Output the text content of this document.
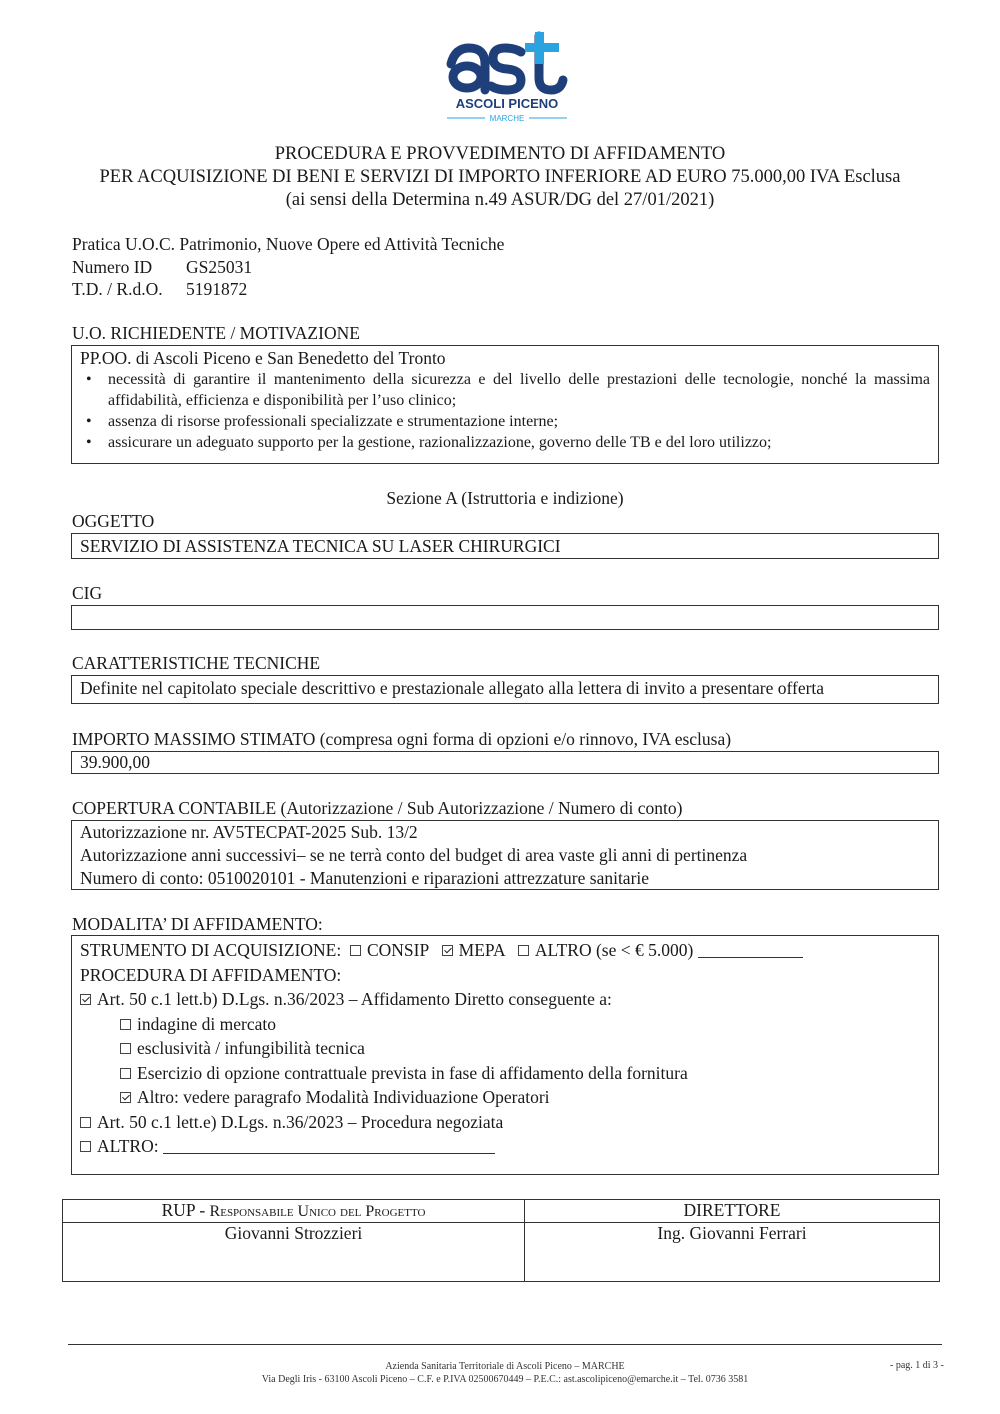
ASCOLI PICENO
MARCHE
PROCEDURA E PROVVEDIMENTO DI AFFIDAMENTO
PER ACQUISIZIONE DI BENI E SERVIZI DI IMPORTO INFERIORE AD EURO 75.000,00 IVA Esclusa
(ai sensi della Determina n.49 ASUR/DG del 27/01/2021)
Pratica U.O.C. Patrimonio, Nuove Opere ed Attività Tecniche
Numero ID	GS25031
T.D. / R.d.O.	5191872
U.O. RICHIEDENTE / MOTIVAZIONE
PP.OO. di Ascoli Piceno e San Benedetto del Tronto
• necessità di garantire il mantenimento della sicurezza e del livello delle prestazioni delle tecnologie, nonché la massima affidabilità, efficienza e disponibilità per l’uso clinico;
• assenza di risorse professionali specializzate e strumentazione interne;
• assicurare un adeguato supporto per la gestione, razionalizzazione, governo delle TB e del loro utilizzo;
Sezione A (Istruttoria e indizione)
OGGETTO
SERVIZIO DI ASSISTENZA TECNICA SU LASER CHIRURGICI
CIG
CARATTERISTICHE TECNICHE
Definite nel capitolato speciale descrittivo e prestazionale allegato alla lettera di invito a presentare offerta
IMPORTO MASSIMO STIMATO (compresa ogni forma di opzioni e/o rinnovo, IVA esclusa)
39.900,00
COPERTURA CONTABILE (Autorizzazione / Sub Autorizzazione / Numero di conto)
Autorizzazione nr. AV5TECPAT-2025 Sub. 13/2
Autorizzazione anni successivi– se ne terrà conto del budget di area vaste gli anni di pertinenza
Numero di conto: 0510020101 - Manutenzioni e riparazioni attrezzature sanitarie
MODALITA’ DI AFFIDAMENTO:
STRUMENTO DI ACQUISIZIONE: CONSIP MEPA ALTRO (se < € 5.000)
PROCEDURA DI AFFIDAMENTO:
Art. 50 c.1 lett.b) D.Lgs. n.36/2023 – Affidamento Diretto conseguente a:
indagine di mercato
esclusività / infungibilità tecnica
Esercizio di opzione contrattuale prevista in fase di affidamento della fornitura
Altro: vedere paragrafo Modalità Individuazione Operatori
Art. 50 c.1 lett.e) D.Lgs. n.36/2023 – Procedura negoziata
ALTRO:
RUP - Responsabile Unico del Progetto	DIRETTORE
Giovanni Strozzieri	Ing. Giovanni Ferrari
Azienda Sanitaria Territoriale di Ascoli Piceno – MARCHE
Via Degli Iris - 63100 Ascoli Piceno – C.F. e P.IVA 02500670449 – P.E.C.: ast.ascolipiceno@emarche.it – Tel. 0736 3581
- pag. 1 di 3 -
